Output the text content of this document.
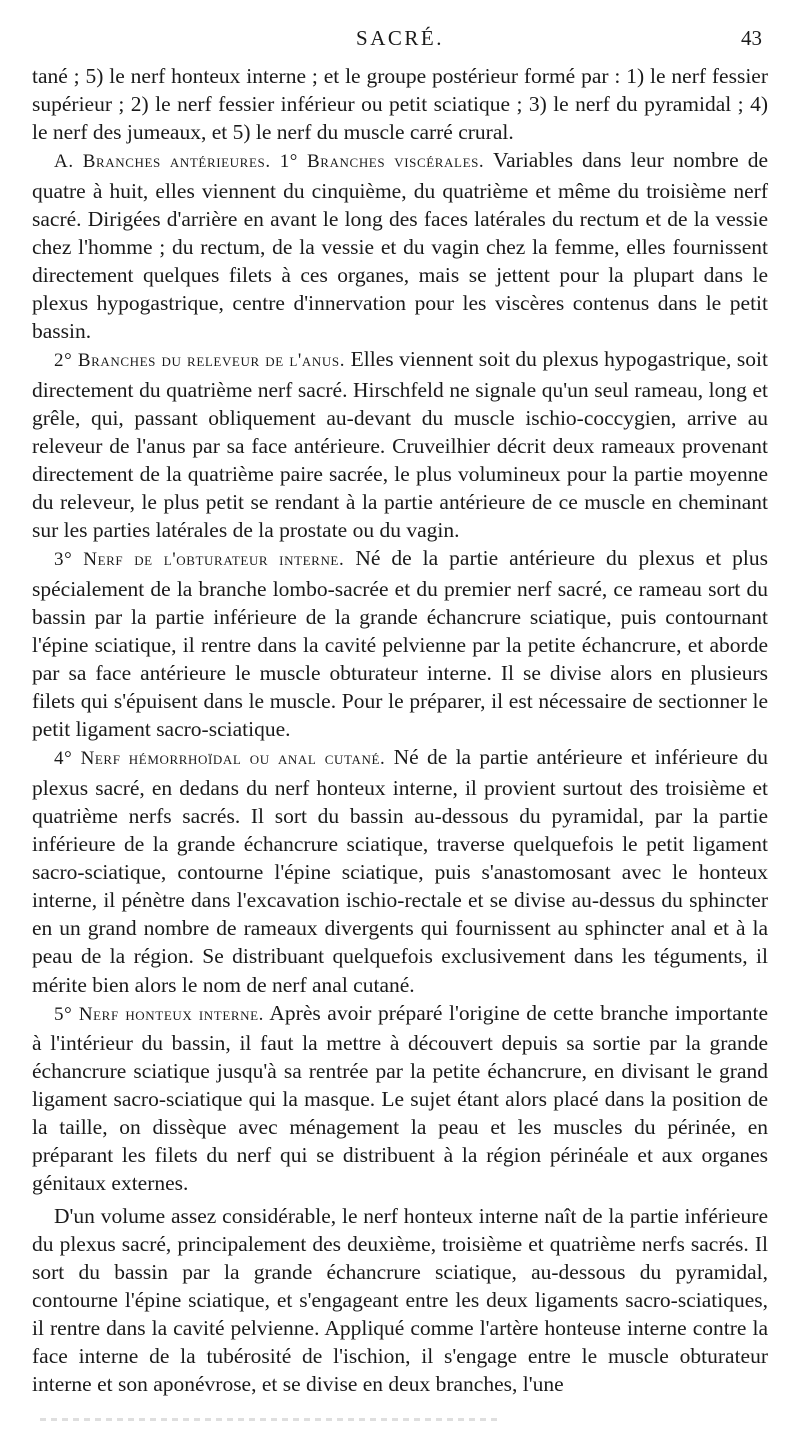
SACRÉ.	43

tané ; 5) le nerf honteux interne ; et le groupe postérieur formé par : 1) le nerf fessier supérieur ; 2) le nerf fessier inférieur ou petit sciatique ; 3) le nerf du pyramidal ; 4) le nerf des jumeaux, et 5) le nerf du muscle carré crural.

A. Branches antérieures. 1° Branches viscérales. Variables dans leur nombre de quatre à huit, elles viennent du cinquième, du quatrième et même du troisième nerf sacré. Dirigées d'arrière en avant le long des faces latérales du rectum et de la vessie chez l'homme ; du rectum, de la vessie et du vagin chez la femme, elles fournissent directement quelques filets à ces organes, mais se jettent pour la plupart dans le plexus hypogastrique, centre d'innervation pour les viscères contenus dans le petit bassin.

2° Branches du releveur de l'anus. Elles viennent soit du plexus hypogastrique, soit directement du quatrième nerf sacré. Hirschfeld ne signale qu'un seul rameau, long et grêle, qui, passant obliquement au-devant du muscle ischio-coccygien, arrive au releveur de l'anus par sa face antérieure. Cruveilhier décrit deux rameaux provenant directement de la quatrième paire sacrée, le plus volumineux pour la partie moyenne du releveur, le plus petit se rendant à la partie antérieure de ce muscle en cheminant sur les parties latérales de la prostate ou du vagin.

3° Nerf de l'obturateur interne. Né de la partie antérieure du plexus et plus spécialement de la branche lombo-sacrée et du premier nerf sacré, ce rameau sort du bassin par la partie inférieure de la grande échancrure sciatique, puis contournant l'épine sciatique, il rentre dans la cavité pelvienne par la petite échancrure, et aborde par sa face antérieure le muscle obturateur interne. Il se divise alors en plusieurs filets qui s'épuisent dans le muscle. Pour le préparer, il est nécessaire de sectionner le petit ligament sacro-sciatique.

4° Nerf hémorrhoïdal ou anal cutané. Né de la partie antérieure et inférieure du plexus sacré, en dedans du nerf honteux interne, il provient surtout des troisième et quatrième nerfs sacrés. Il sort du bassin au-dessous du pyramidal, par la partie inférieure de la grande échancrure sciatique, traverse quelquefois le petit ligament sacro-sciatique, contourne l'épine sciatique, puis s'anastomosant avec le honteux interne, il pénètre dans l'excavation ischio-rectale et se divise au-dessus du sphincter en un grand nombre de rameaux divergents qui fournissent au sphincter anal et à la peau de la région. Se distribuant quelquefois exclusivement dans les téguments, il mérite bien alors le nom de nerf anal cutané.

5° Nerf honteux interne. Après avoir préparé l'origine de cette branche importante à l'intérieur du bassin, il faut la mettre à découvert depuis sa sortie par la grande échancrure sciatique jusqu'à sa rentrée par la petite échancrure, en divisant le grand ligament sacro-sciatique qui la masque. Le sujet étant alors placé dans la position de la taille, on dissèque avec ménagement la peau et les muscles du périnée, en préparant les filets du nerf qui se distribuent à la région périnéale et aux organes génitaux externes.

D'un volume assez considérable, le nerf honteux interne naît de la partie inférieure du plexus sacré, principalement des deuxième, troisième et quatrième nerfs sacrés. Il sort du bassin par la grande échancrure sciatique, au-dessous du pyramidal, contourne l'épine sciatique, et s'engageant entre les deux ligaments sacro-sciatiques, il rentre dans la cavité pelvienne. Appliqué comme l'artère honteuse interne contre la face interne de la tubérosité de l'ischion, il s'engage entre le muscle obturateur interne et son aponévrose, et se divise en deux branches, l'une
